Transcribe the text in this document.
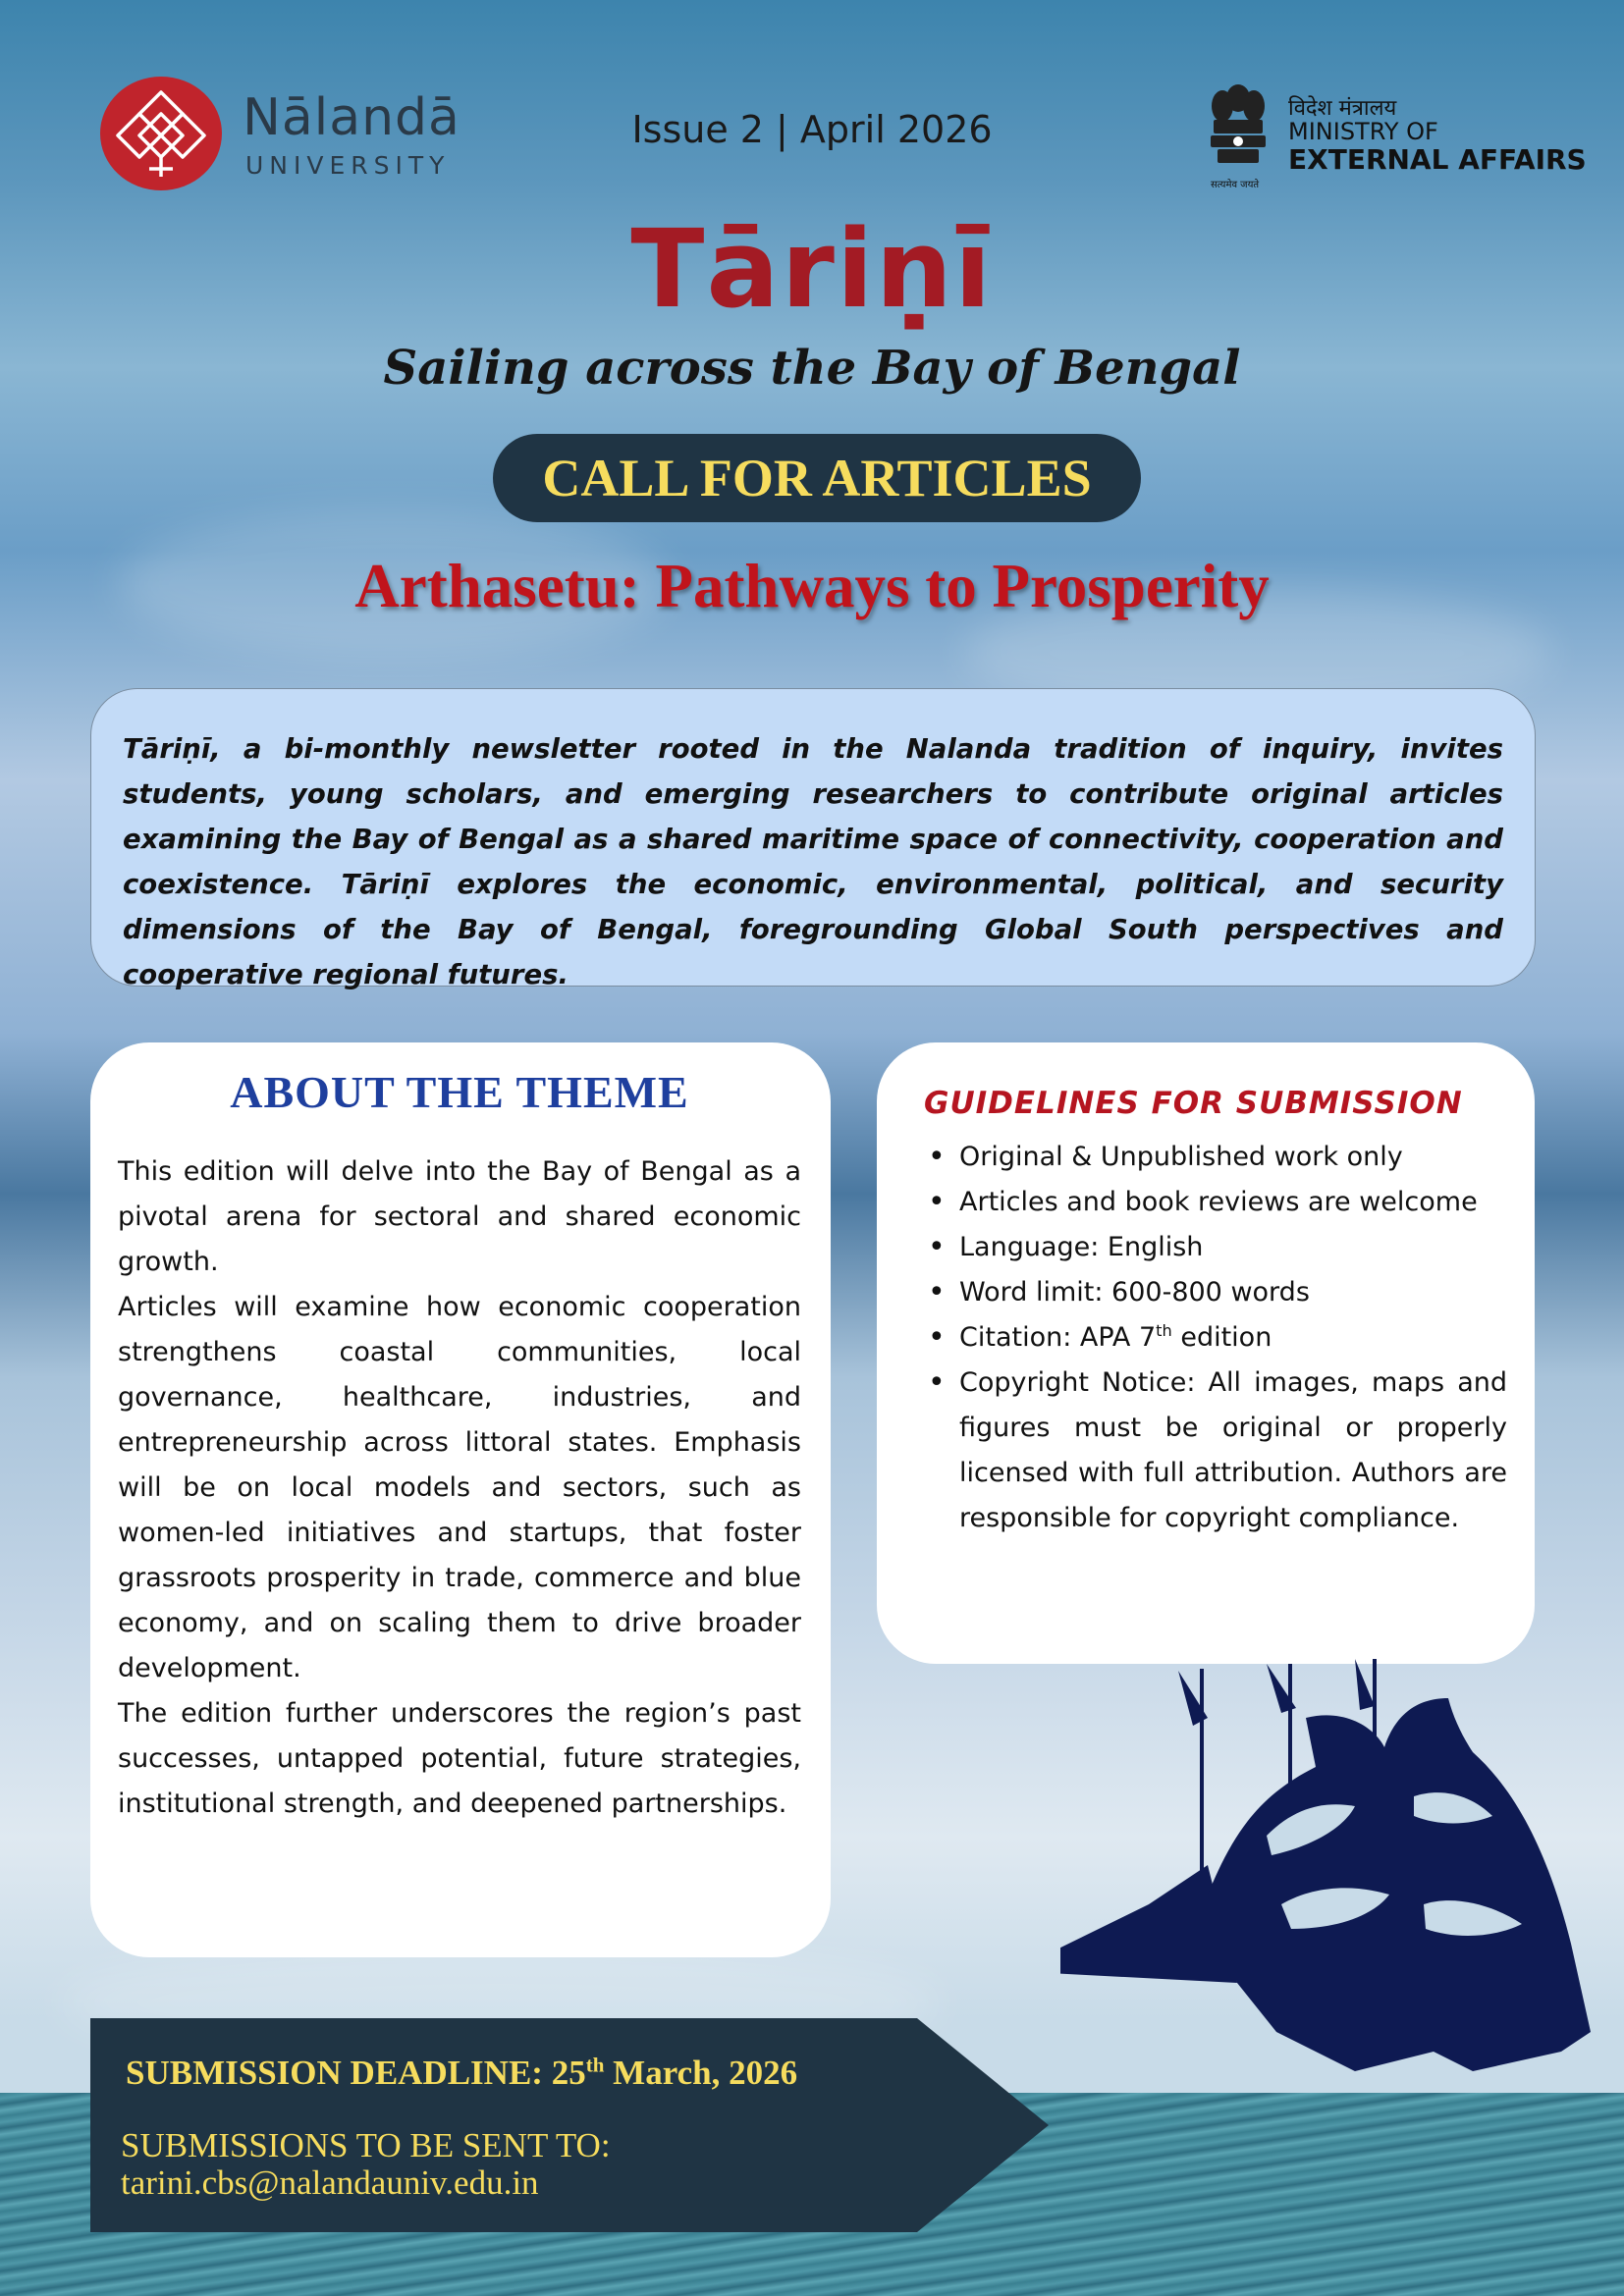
Nālandā
UNIVERSITY
Issue 2 | April 2026	विदेश मंत्रालय
MINISTRY OF
EXTERNAL AFFAIRS
सत्यमेव जयते
Tāriṇī
Sailing across the Bay of Bengal
CALL FOR ARTICLES
Arthasetu: Pathways to Prosperity

Tāriṇī, a bi-monthly newsletter rooted in the Nalanda tradition of inquiry, invites students, young scholars, and emerging researchers to contribute original articles examining the Bay of Bengal as a shared maritime space of connectivity, cooperation and coexistence. Tāriṇī explores the economic, environmental, political, and security dimensions of the Bay of Bengal, foregrounding Global South perspectives and cooperative regional futures.

ABOUT THE THEME

This edition will delve into the Bay of Bengal as a pivotal arena for sectoral and shared economic growth.

Articles will examine how economic cooperation strengthens coastal communities, local governance, healthcare, industries, and entrepreneurship across littoral states. Emphasis will be on local models and sectors, such as women-led initiatives and startups, that foster grassroots prosperity in trade, commerce and blue economy, and on scaling them to drive broader development.

The edition further underscores the region’s past successes, untapped potential, future strategies, institutional strength, and deepened partnerships.

GUIDELINES FOR SUBMISSION
• Original & Unpublished work only
• Articles and book reviews are welcome
• Language: English
• Word limit: 600-800 words
• Citation: APA 7th edition
• Copyright Notice: All images, maps and figures must be original or properly licensed with full attribution. Authors are responsible for copyright compliance.
SUBMISSION DEADLINE: 25th March, 2026
SUBMISSIONS TO BE SENT TO:
tarini.cbs@nalandauniv.edu.in
